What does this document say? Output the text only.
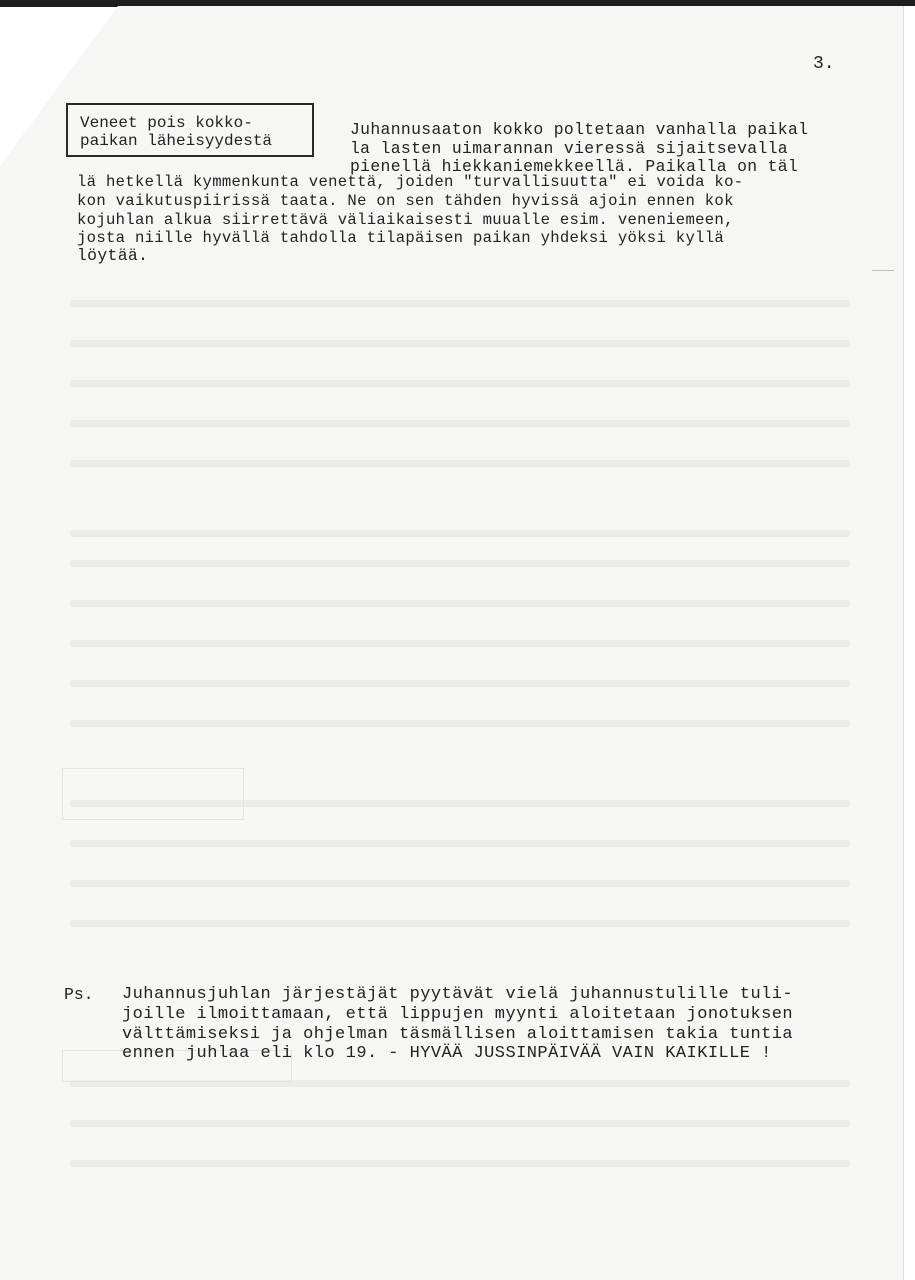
3.
Veneet pois kokko-
paikan läheisyydestä
Juhannusaaton kokko poltetaan vanhalla paikal
la lasten uimarannan vieressä sijaitsevalla
pienellä hiekkaniemekkeellä. Paikalla on täl
lä hetkellä kymmenkunta venettä, joiden "turvallisuutta" ei voida ko-
kon vaikutuspiirissä taata. Ne on sen tähden hyvissä ajoin ennen kok
kojuhlan alkua siirrettävä väliaikaisesti muualle esim. veneniemeen,
josta niille hyvällä tahdolla tilapäisen paikan yhdeksi yöksi kyllä
löytää.
Ps. Juhannusjuhlan järjestäjät pyytävät vielä juhannustulille tuli-
joille ilmoittamaan, että lippujen myynti aloitetaan jonotuksen
välttämiseksi ja ohjelman täsmällisen aloittamisen takia tuntia
ennen juhlaa eli klo 19. - HYVÄÄ JUSSINPÄIVÄÄ VAIN KAIKILLE !
